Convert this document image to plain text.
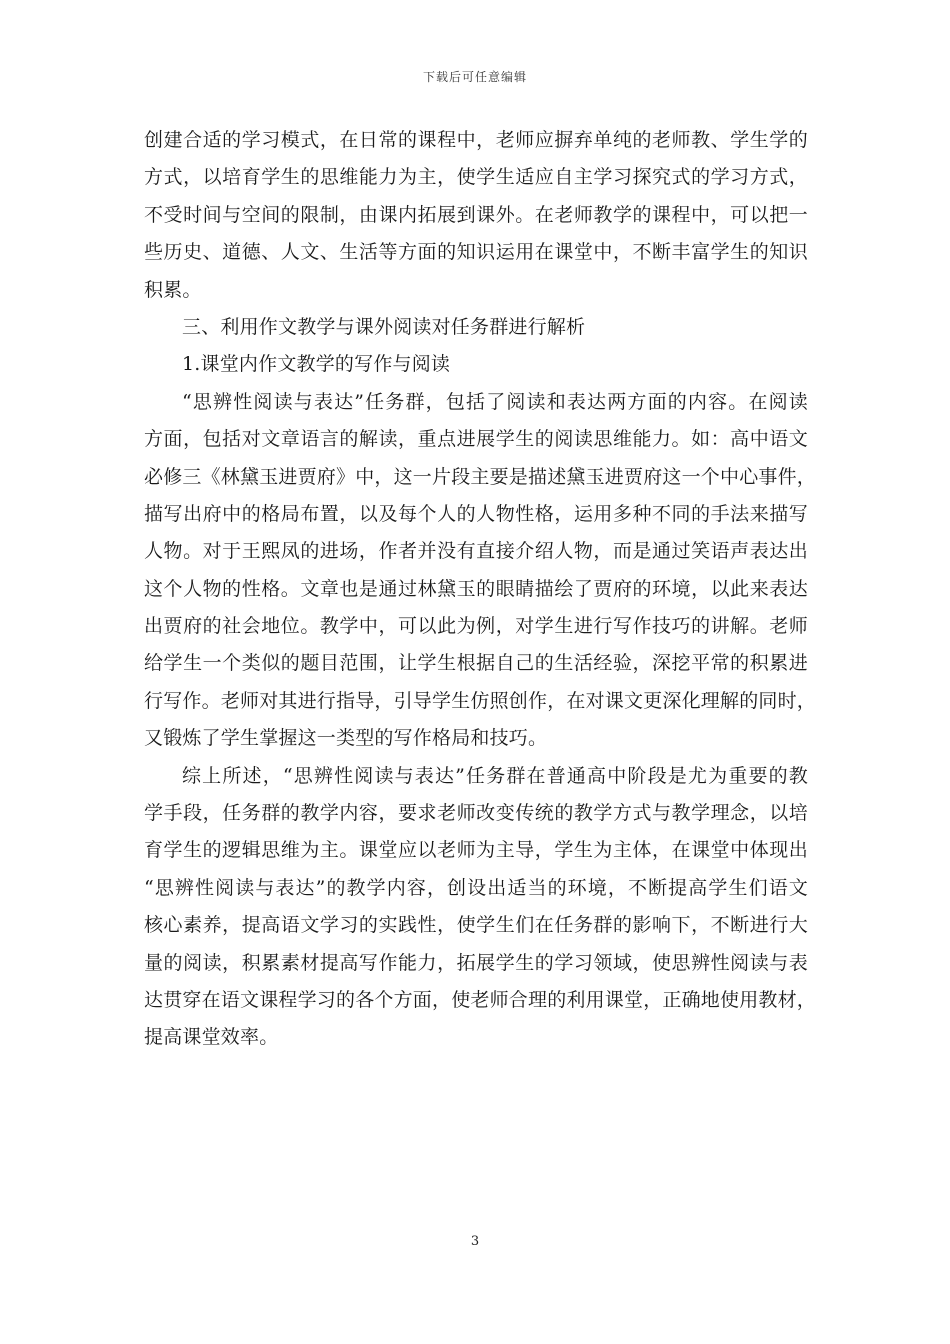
下载后可任意编辑
创建合适的学习模式，在日常的课程中，老师应摒弃单纯的老师教、学生学的
方式，以培育学生的思维能力为主，使学生适应自主学习探究式的学习方式，
不受时间与空间的限制，由课内拓展到课外。在老师教学的课程中，可以把一
些历史、道德、人文、生活等方面的知识运用在课堂中，不断丰富学生的知识
积累。
三、利用作文教学与课外阅读对任务群进行解析
1.课堂内作文教学的写作与阅读
“思辨性阅读与表达”任务群，包括了阅读和表达两方面的内容。在阅读
方面，包括对文章语言的解读，重点进展学生的阅读思维能力。如：高中语文
必修三《林黛玉进贾府》中，这一片段主要是描述黛玉进贾府这一个中心事件，
描写出府中的格局布置，以及每个人的人物性格，运用多种不同的手法来描写
人物。对于王熙凤的进场，作者并没有直接介绍人物，而是通过笑语声表达出
这个人物的性格。文章也是通过林黛玉的眼睛描绘了贾府的环境，以此来表达
出贾府的社会地位。教学中，可以此为例，对学生进行写作技巧的讲解。老师
给学生一个类似的题目范围，让学生根据自己的生活经验，深挖平常的积累进
行写作。老师对其进行指导，引导学生仿照创作，在对课文更深化理解的同时，
又锻炼了学生掌握这一类型的写作格局和技巧。
综上所述，“思辨性阅读与表达”任务群在普通高中阶段是尤为重要的教
学手段，任务群的教学内容，要求老师改变传统的教学方式与教学理念，以培
育学生的逻辑思维为主。课堂应以老师为主导，学生为主体，在课堂中体现出
“思辨性阅读与表达”的教学内容，创设出适当的环境，不断提高学生们语文
核心素养，提高语文学习的实践性，使学生们在任务群的影响下，不断进行大
量的阅读，积累素材提高写作能力，拓展学生的学习领域，使思辨性阅读与表
达贯穿在语文课程学习的各个方面，使老师合理的利用课堂，正确地使用教材，
提高课堂效率。
3
